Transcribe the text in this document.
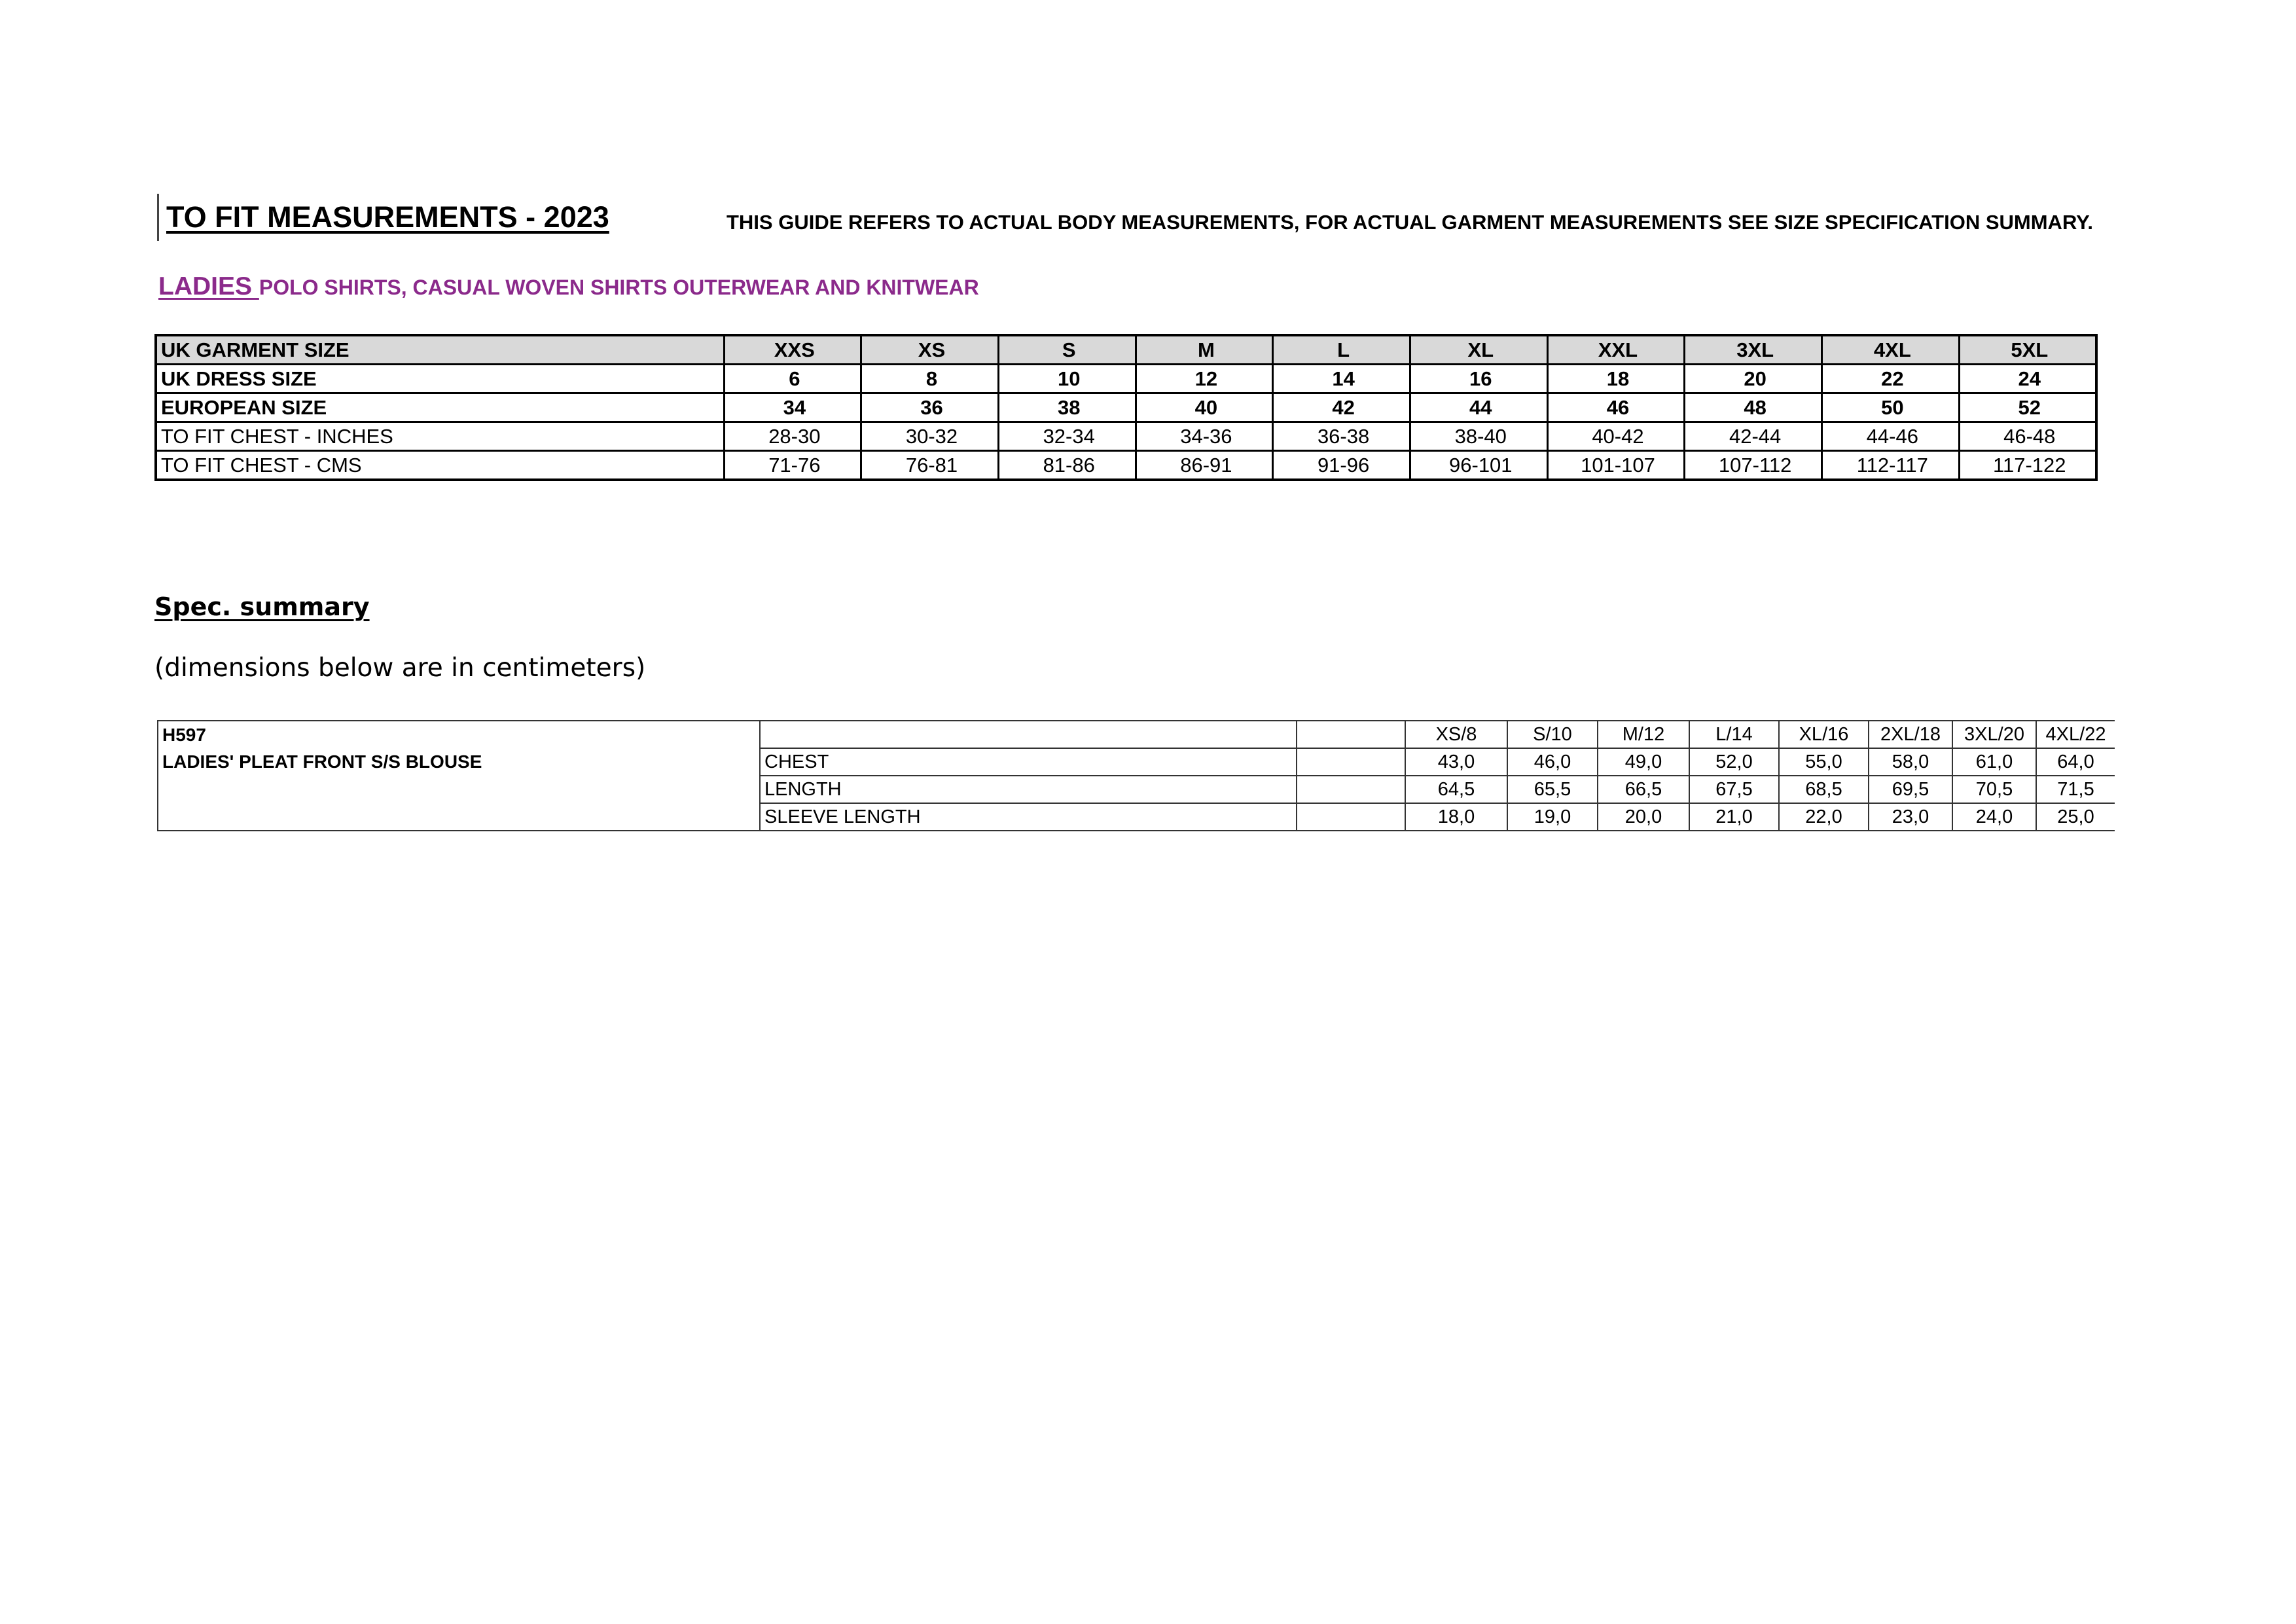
TO FIT MEASUREMENTS - 2023	THIS GUIDE REFERS TO ACTUAL BODY MEASUREMENTS, FOR ACTUAL GARMENT MEASUREMENTS SEE SIZE SPECIFICATION SUMMARY.
LADIES POLO SHIRTS, CASUAL WOVEN SHIRTS OUTERWEAR AND KNITWEAR
UK GARMENT SIZE	XXS	XS	S	M	L	XL	XXL	3XL	4XL	5XL
UK DRESS SIZE	6	8	10	12	14	16	18	20	22	24
EUROPEAN SIZE	34	36	38	40	42	44	46	48	50	52
TO FIT CHEST - INCHES	28-30	30-32	32-34	34-36	36-38	38-40	40-42	42-44	44-46	46-48
TO FIT CHEST - CMS	71-76	76-81	81-86	86-91	91-96	96-101	101-107	107-112	112-117	117-122
Spec. summary
(dimensions below are in centimeters)
H597			XS/8	S/10	M/12	L/14	XL/16	2XL/18	3XL/20	4XL/22
LADIES' PLEAT FRONT S/S BLOUSE	CHEST		43,0	46,0	49,0	52,0	55,0	58,0	61,0	64,0
	LENGTH		64,5	65,5	66,5	67,5	68,5	69,5	70,5	71,5
	SLEEVE LENGTH		18,0	19,0	20,0	21,0	22,0	23,0	24,0	25,0
